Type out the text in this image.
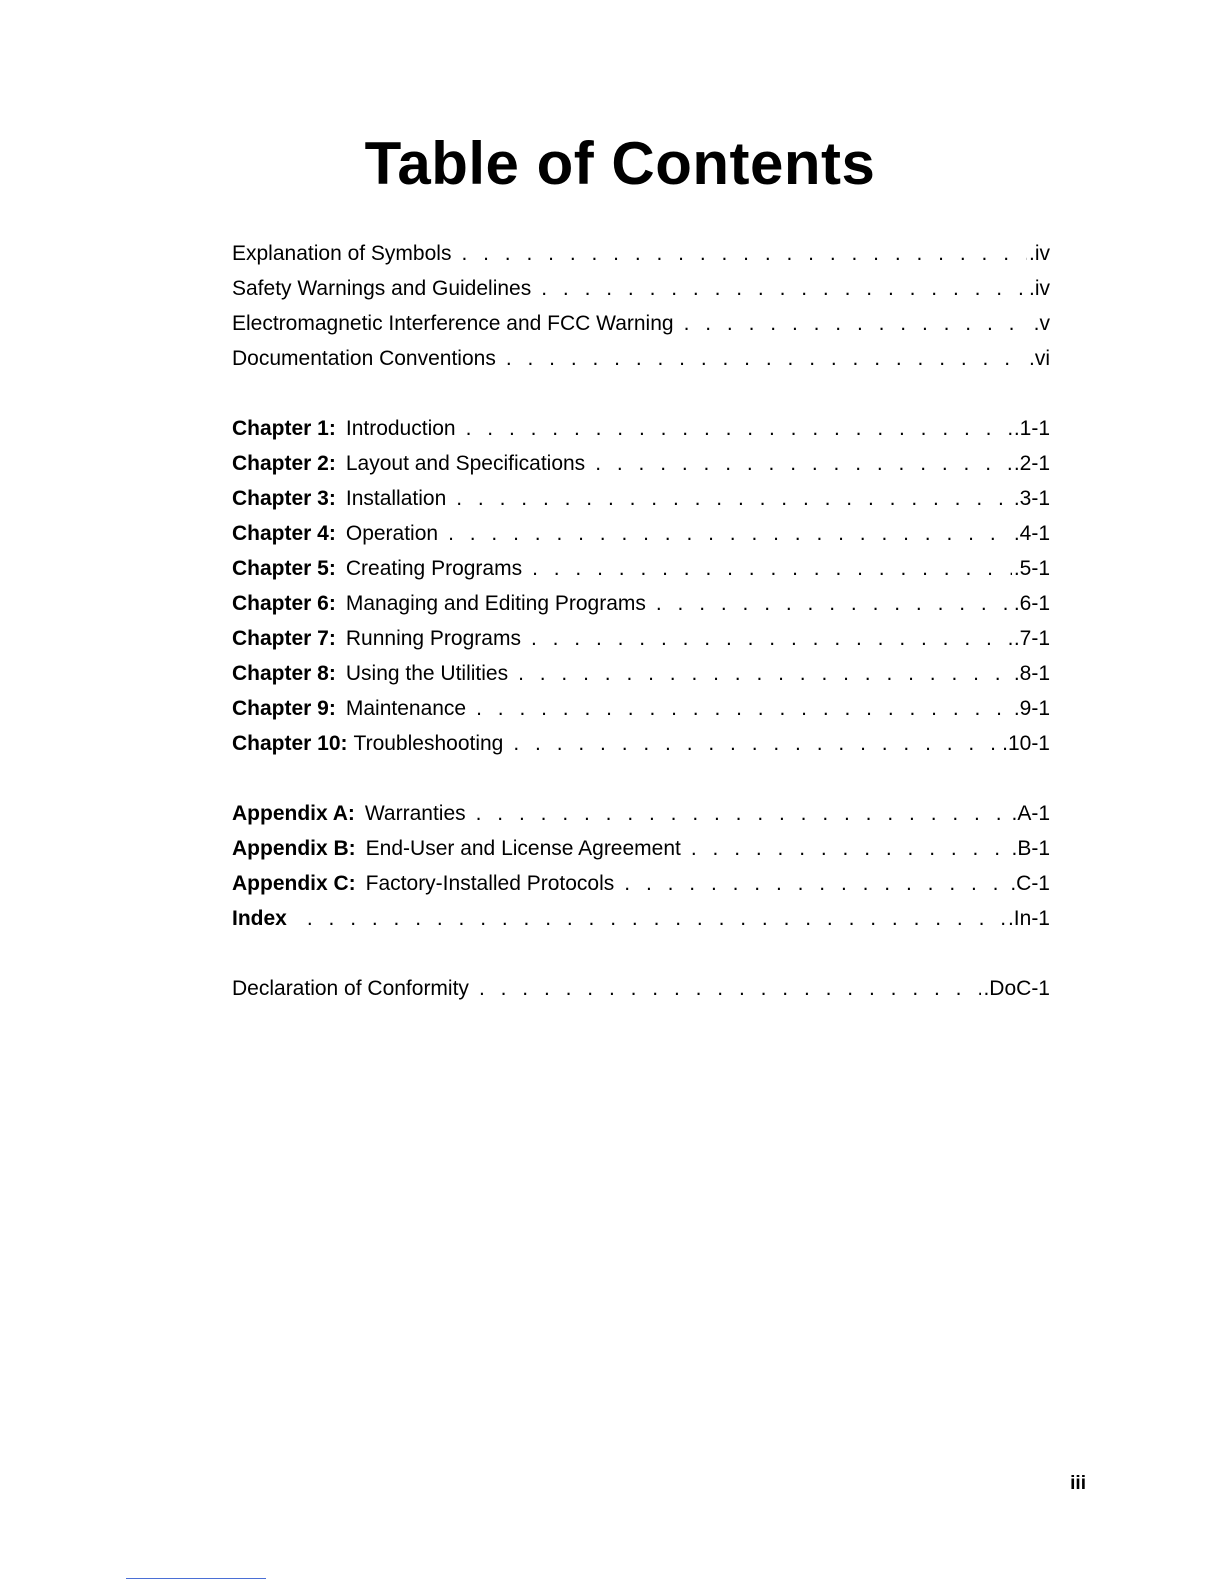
Table of Contents
Explanation of Symbols . . .	.iv
Safety Warnings and Guidelines . . .	.iv
Electromagnetic Interference and FCC Warning . . .	.v
Documentation Conventions . . .	.vi
Chapter 1: Introduction . . .	.1-1
Chapter 2: Layout and Specifications . . .	.2-1
Chapter 3: Installation . . .	.3-1
Chapter 4: Operation . . .	.4-1
Chapter 5: Creating Programs . . .	.5-1
Chapter 6: Managing and Editing Programs . . .	.6-1
Chapter 7: Running Programs . . .	.7-1
Chapter 8: Using the Utilities . . .	.8-1
Chapter 9: Maintenance . . .	.9-1
Chapter 10: Troubleshooting . . .	.10-1
Appendix A: Warranties . . .	.A-1
Appendix B: End-User and License Agreement . . .	.B-1
Appendix C: Factory-Installed Protocols . . .	.C-1
Index . . .	.In-1
Declaration of Conformity . . .	.DoC-1
iii
